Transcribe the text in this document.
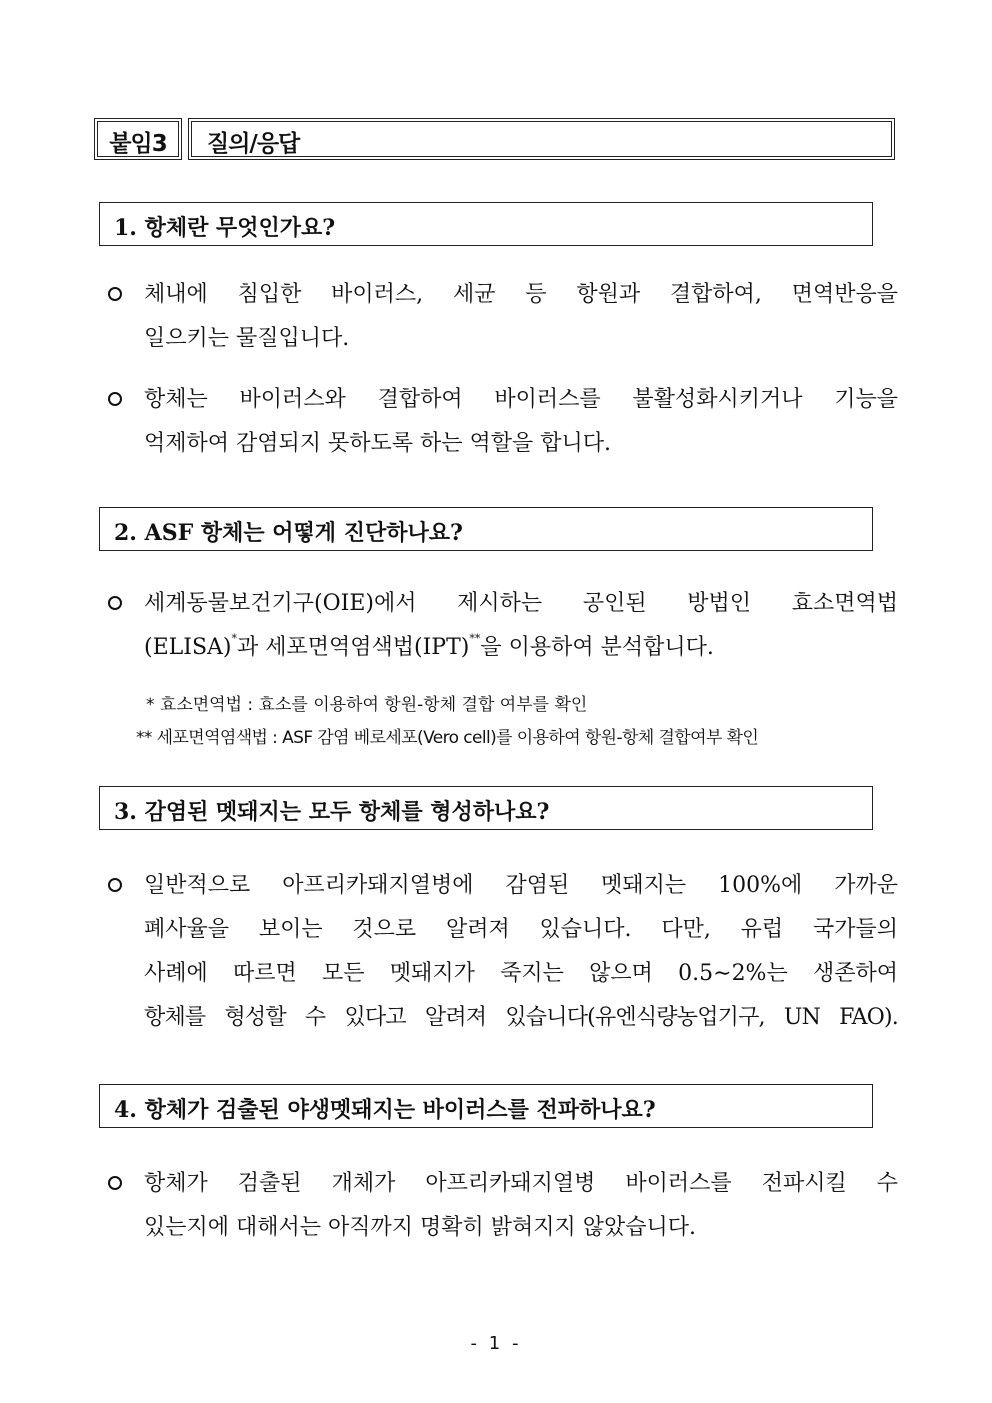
붙임3	질의/응답
1. 항체란 무엇인가요?

체내에 침입한 바이러스, 세균 등 항원과 결합하여, 면역반응을

일으키는 물질입니다.

항체는 바이러스와 결합하여 바이러스를 불활성화시키거나 기능을

억제하여 감염되지 못하도록 하는 역할을 합니다.

2. ASF 항체는 어떻게 진단하나요?

세계동물보건기구(OIE)에서 제시하는 공인된 방법인 효소면역법

(ELISA)*과 세포면역염색법(IPT)**을 이용하여 분석합니다.

* 효소면역법 : 효소를 이용하여 항원-항체 결합 여부를 확인
** 세포면역염색법 : ASF 감염 베로세포(Vero cell)를 이용하여 항원-항체 결합여부 확인
3. 감염된 멧돼지는 모두 항체를 형성하나요?

일반적으로 아프리카돼지열병에 감염된 멧돼지는 100%에 가까운

폐사율을 보이는 것으로 알려져 있습니다. 다만, 유럽 국가들의

사례에 따르면 모든 멧돼지가 죽지는 않으며 0.5∼2%는 생존하여

항체를 형성할 수 있다고 알려져 있습니다(유엔식량농업기구, UN FAO).

4. 항체가 검출된 야생멧돼지는 바이러스를 전파하나요?

항체가 검출된 개체가 아프리카돼지열병 바이러스를 전파시킬 수

있는지에 대해서는 아직까지 명확히 밝혀지지 않았습니다.

- 1 -
